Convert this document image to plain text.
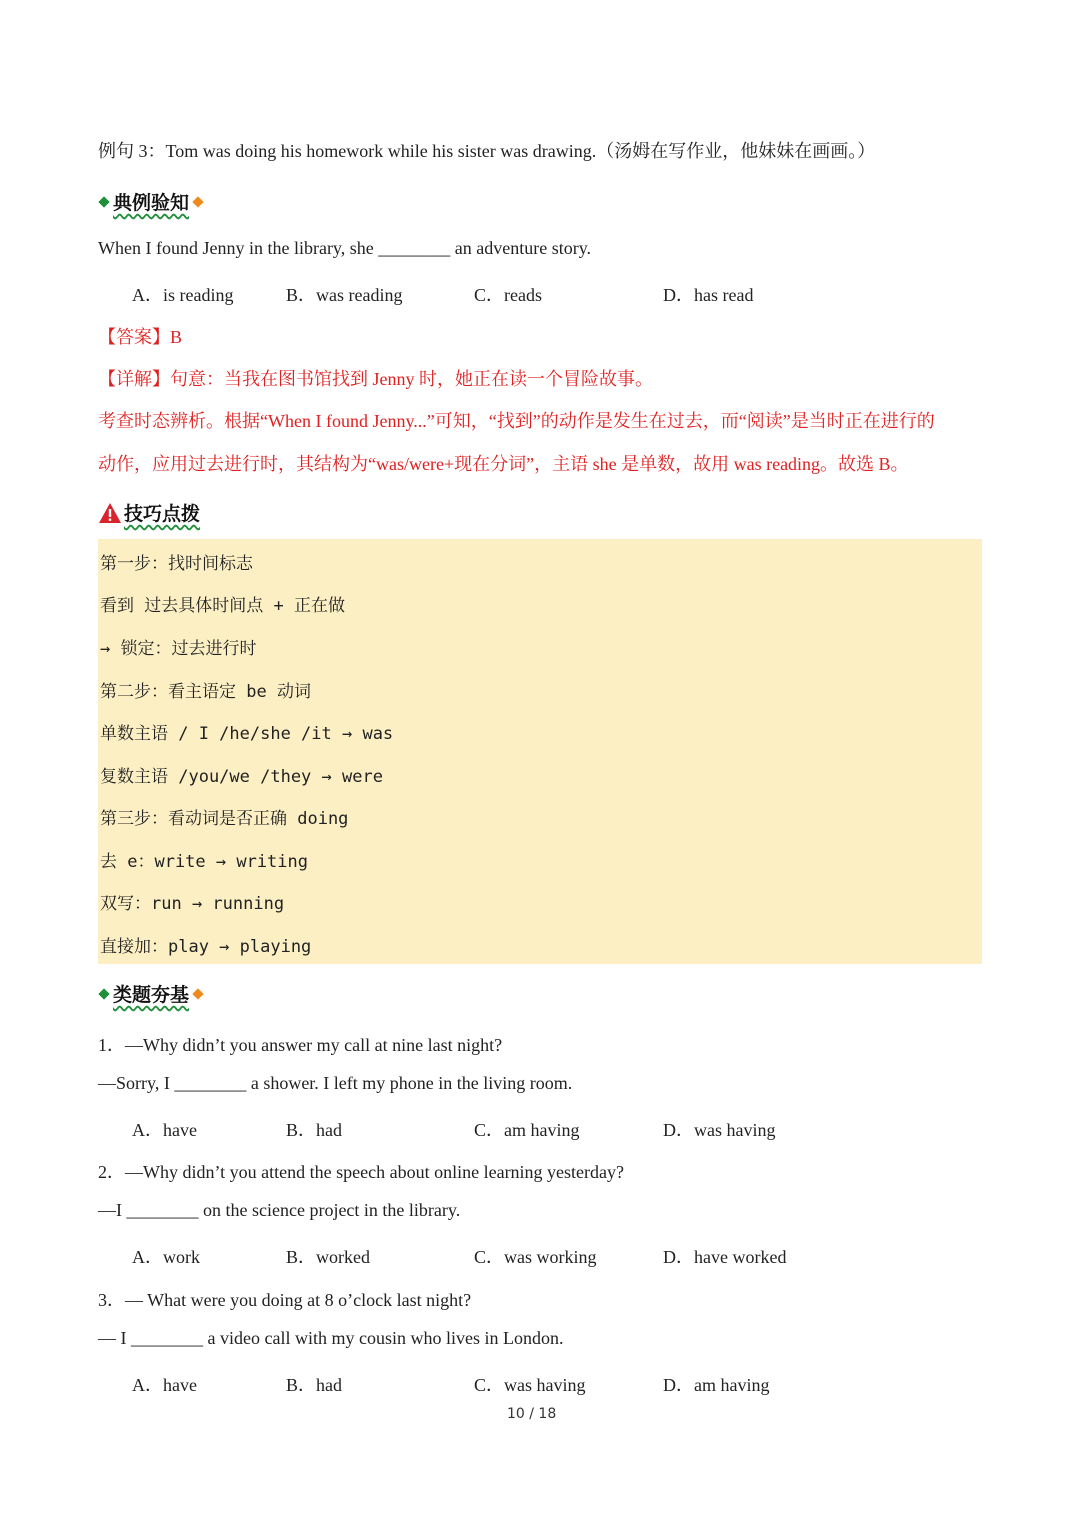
例句 3：Tom was doing his homework while his sister was drawing.（汤姆在写作业，他妹妹在画画。）
典例验知
When I found Jenny in the library, she ________ an adventure story.
A．is reading	B．was reading	C．reads	D．has read
【答案】B
【详解】句意：当我在图书馆找到 Jenny 时，她正在读一个冒险故事。
考查时态辨析。根据“When I found Jenny...”可知，“找到”的动作是发生在过去，而“阅读”是当时正在进行的
动作，应用过去进行时，其结构为“was/were+现在分词”，主语 she 是单数，故用 was reading。故选 B。
技巧点拨
第一步：找时间标志
看到 过去具体时间点 + 正在做
→ 锁定：过去进行时
第二步：看主语定 be 动词
单数主语 / I /he/she /it → was
复数主语 /you/we /they → were
第三步：看动词是否正确 doing
去 e：write → writing
双写：run → running
直接加：play → playing
类题夯基
1．—Why didn’t you answer my call at nine last night?
—Sorry, I ________ a shower. I left my phone in the living room.
A．have	B．had	C．am having	D．was having
2．—Why didn’t you attend the speech about online learning yesterday?
—I ________ on the science project in the library.
A．work	B．worked	C．was working	D．have worked
3．— What were you doing at 8 o’clock last night?
— I ________ a video call with my cousin who lives in London.
A．have	B．had	C．was having	D．am having
10 / 18
